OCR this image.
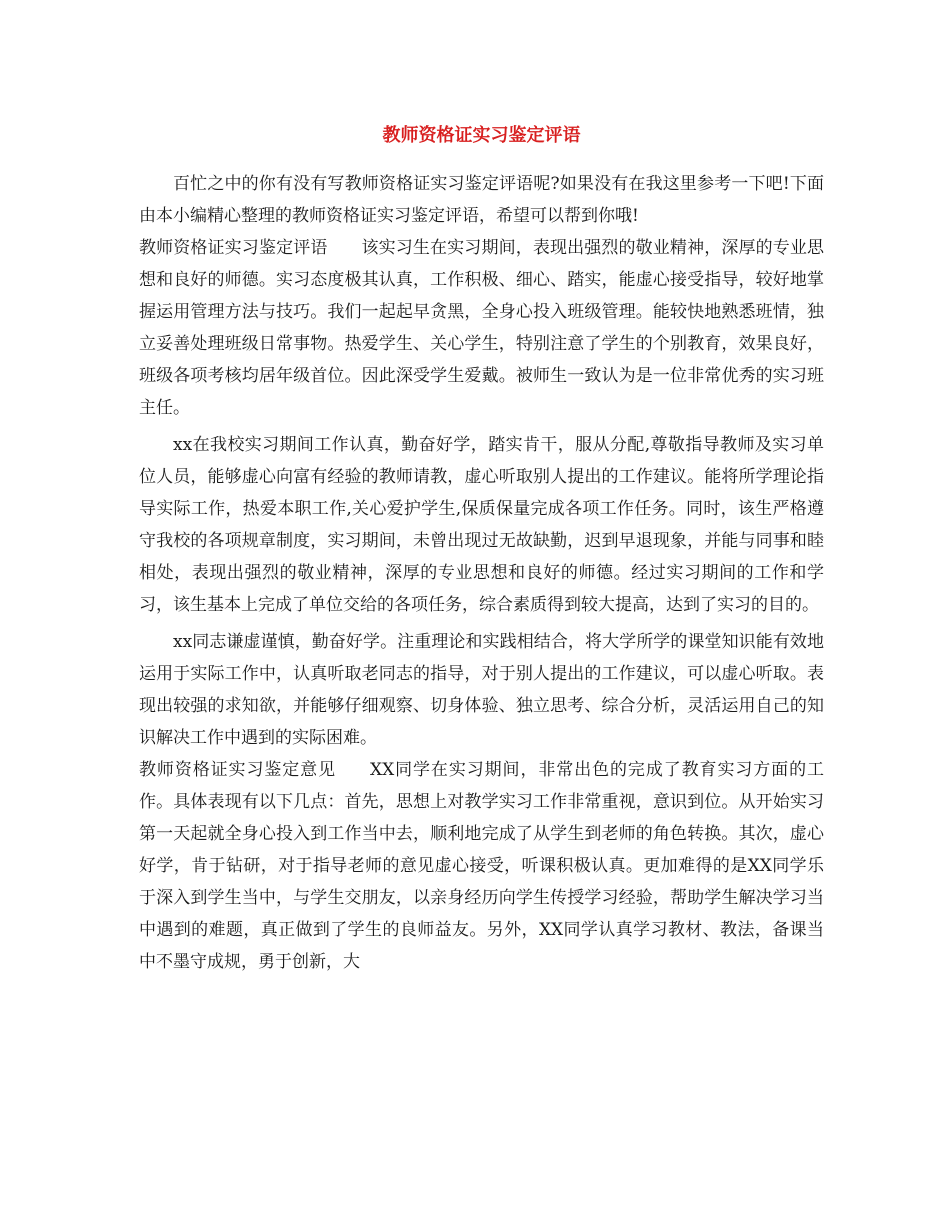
教师资格证实习鉴定评语

百忙之中的你有没有写教师资格证实习鉴定评语呢?如果没有在我这里参考一下吧!下面由本小编精心整理的教师资格证实习鉴定评语，希望可以帮到你哦!

教师资格证实习鉴定评语 该实习生在实习期间，表现出强烈的敬业精神，深厚的专业思想和良好的师德。实习态度极其认真，工作积极、细心、踏实，能虚心接受指导，较好地掌握运用管理方法与技巧。我们一起起早贪黑，全身心投入班级管理。能较快地熟悉班情，独立妥善处理班级日常事物。热爱学生、关心学生，特别注意了学生的个别教育，效果良好，班级各项考核均居年级首位。因此深受学生爱戴。被师生一致认为是一位非常优秀的实习班主任。

xx在我校实习期间工作认真，勤奋好学，踏实肯干，服从分配,尊敬指导教师及实习单位人员，能够虚心向富有经验的教师请教，虚心听取别人提出的工作建议。能将所学理论指导实际工作，热爱本职工作,关心爱护学生,保质保量完成各项工作任务。同时，该生严格遵守我校的各项规章制度，实习期间，未曾出现过无故缺勤，迟到早退现象，并能与同事和睦相处，表现出强烈的敬业精神，深厚的专业思想和良好的师德。经过实习期间的工作和学习，该生基本上完成了单位交给的各项任务，综合素质得到较大提高，达到了实习的目的。

xx同志谦虚谨慎，勤奋好学。注重理论和实践相结合，将大学所学的课堂知识能有效地运用于实际工作中，认真听取老同志的指导，对于别人提出的工作建议，可以虚心听取。表现出较强的求知欲，并能够仔细观察、切身体验、独立思考、综合分析，灵活运用自己的知识解决工作中遇到的实际困难。

教师资格证实习鉴定意见 XX同学在实习期间，非常出色的完成了教育实习方面的工作。具体表现有以下几点：首先，思想上对教学实习工作非常重视，意识到位。从开始实习第一天起就全身心投入到工作当中去，顺利地完成了从学生到老师的角色转换。其次，虚心好学，肯于钻研，对于指导老师的意见虚心接受，听课积极认真。更加难得的是XX同学乐于深入到学生当中，与学生交朋友，以亲身经历向学生传授学习经验，帮助学生解决学习当中遇到的难题，真正做到了学生的良师益友。另外，XX同学认真学习教材、教法，备课当中不墨守成规，勇于创新，大
